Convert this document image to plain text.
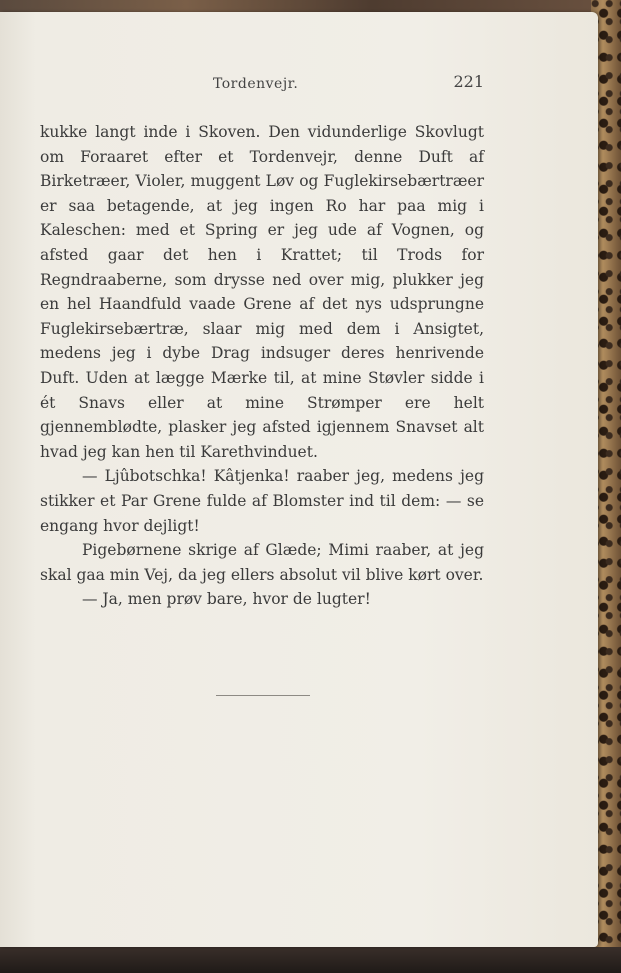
Tordenvejr.	221

kukke langt inde i Skoven. Den vidunderlige Skovlugt om Foraaret efter et Tordenvejr, denne Duft af Birketræer, Violer, muggent Løv og Fuglekirsebærtræer er saa betagende, at jeg ingen Ro har paa mig i Kaleschen: med et Spring er jeg ude af Vognen, og afsted gaar det hen i Krattet; til Trods for Regndraaberne, som drysse ned over mig, plukker jeg en hel Haandfuld vaade Grene af det nys udsprungne Fuglekirsebærtræ, slaar mig med dem i Ansigtet, medens jeg i dybe Drag indsuger deres henrivende Duft. Uden at lægge Mærke til, at mine Støvler sidde i ét Snavs eller at mine Strømper ere helt gjennemblødte, plasker jeg afsted igjennem Snavset alt hvad jeg kan hen til Karethvinduet.

— Ljûbotschka! Kâtjenka! raaber jeg, medens jeg stikker et Par Grene fulde af Blomster ind til dem: — se engang hvor dejligt!

Pigebørnene skrige af Glæde; Mimi raaber, at jeg skal gaa min Vej, da jeg ellers absolut vil blive kørt over.

— Ja, men prøv bare, hvor de lugter!
